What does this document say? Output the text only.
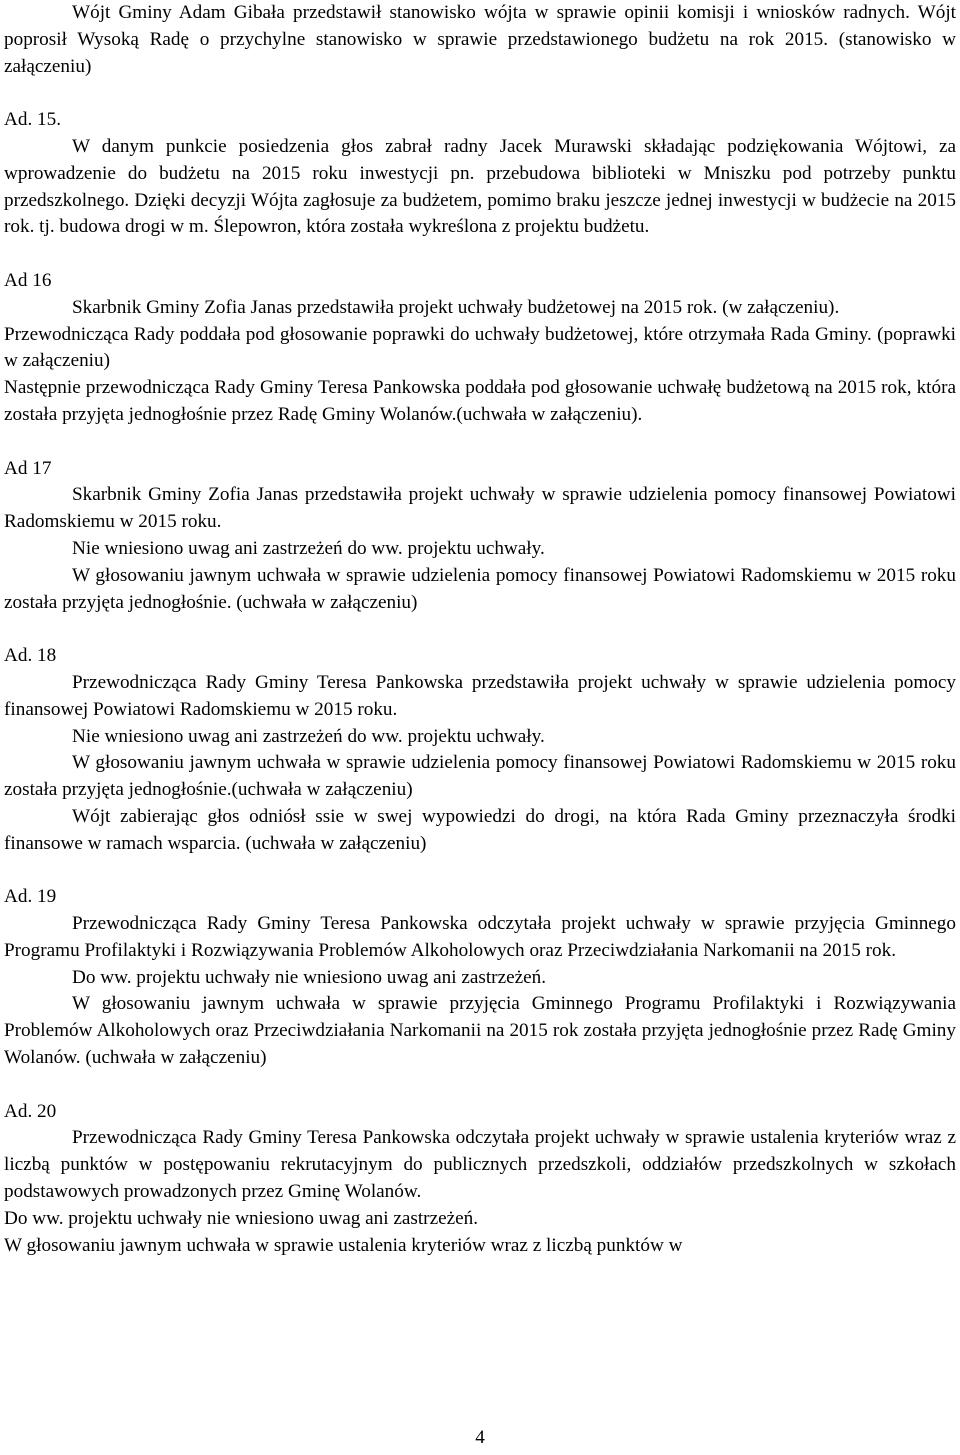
Wójt Gminy Adam Gibała przedstawił stanowisko wójta w sprawie opinii komisji i wniosków radnych. Wójt poprosił Wysoką Radę o przychylne stanowisko w sprawie przedstawionego budżetu na rok 2015. (stanowisko w załączeniu)

Ad. 15.

W danym punkcie posiedzenia głos zabrał radny Jacek Murawski składając podziękowania Wójtowi, za wprowadzenie do budżetu na 2015 roku inwestycji pn. przebudowa biblioteki w Mniszku pod potrzeby punktu przedszkolnego. Dzięki decyzji Wójta zagłosuje za budżetem, pomimo braku jeszcze jednej inwestycji w budżecie na 2015 rok. tj. budowa drogi w m. Ślepowron, która została wykreślona z projektu budżetu.

Ad 16

Skarbnik Gminy Zofia Janas przedstawiła projekt uchwały budżetowej na 2015 rok. (w załączeniu).

Przewodnicząca Rady poddała pod głosowanie poprawki do uchwały budżetowej, które otrzymała Rada Gminy. (poprawki w załączeniu)

Następnie przewodnicząca Rady Gminy Teresa Pankowska poddała pod głosowanie uchwałę budżetową na 2015 rok, która została przyjęta jednogłośnie przez Radę Gminy Wolanów.(uchwała w załączeniu).

Ad 17

Skarbnik Gminy Zofia Janas przedstawiła projekt uchwały w sprawie udzielenia pomocy finansowej Powiatowi Radomskiemu w 2015 roku.

Nie wniesiono uwag ani zastrzeżeń do ww. projektu uchwały.

W głosowaniu jawnym uchwała w sprawie udzielenia pomocy finansowej Powiatowi Radomskiemu w 2015 roku została przyjęta jednogłośnie. (uchwała w załączeniu)

Ad. 18

Przewodnicząca Rady Gminy Teresa Pankowska przedstawiła projekt uchwały w sprawie udzielenia pomocy finansowej Powiatowi Radomskiemu w 2015 roku.

Nie wniesiono uwag ani zastrzeżeń do ww. projektu uchwały.

W głosowaniu jawnym uchwała w sprawie udzielenia pomocy finansowej Powiatowi Radomskiemu w 2015 roku została przyjęta jednogłośnie.(uchwała w załączeniu)

Wójt zabierając głos odniósł ssie w swej wypowiedzi do drogi, na która Rada Gminy przeznaczyła środki finansowe w ramach wsparcia. (uchwała w załączeniu)

Ad. 19

Przewodnicząca Rady Gminy Teresa Pankowska odczytała projekt uchwały w sprawie przyjęcia Gminnego Programu Profilaktyki i Rozwiązywania Problemów Alkoholowych oraz Przeciwdziałania Narkomanii na 2015 rok.

Do ww. projektu uchwały nie wniesiono uwag ani zastrzeżeń.

W głosowaniu jawnym uchwała w sprawie przyjęcia Gminnego Programu Profilaktyki i Rozwiązywania Problemów Alkoholowych oraz Przeciwdziałania Narkomanii na 2015 rok została przyjęta jednogłośnie przez Radę Gminy Wolanów. (uchwała w załączeniu)

Ad. 20

Przewodnicząca Rady Gminy Teresa Pankowska odczytała projekt uchwały w sprawie ustalenia kryteriów wraz z liczbą punktów w postępowaniu rekrutacyjnym do publicznych przedszkoli, oddziałów przedszkolnych w szkołach podstawowych prowadzonych przez Gminę Wolanów.

Do ww. projektu uchwały nie wniesiono uwag ani zastrzeżeń.

W głosowaniu jawnym uchwała w sprawie ustalenia kryteriów wraz z liczbą punktów w

4
